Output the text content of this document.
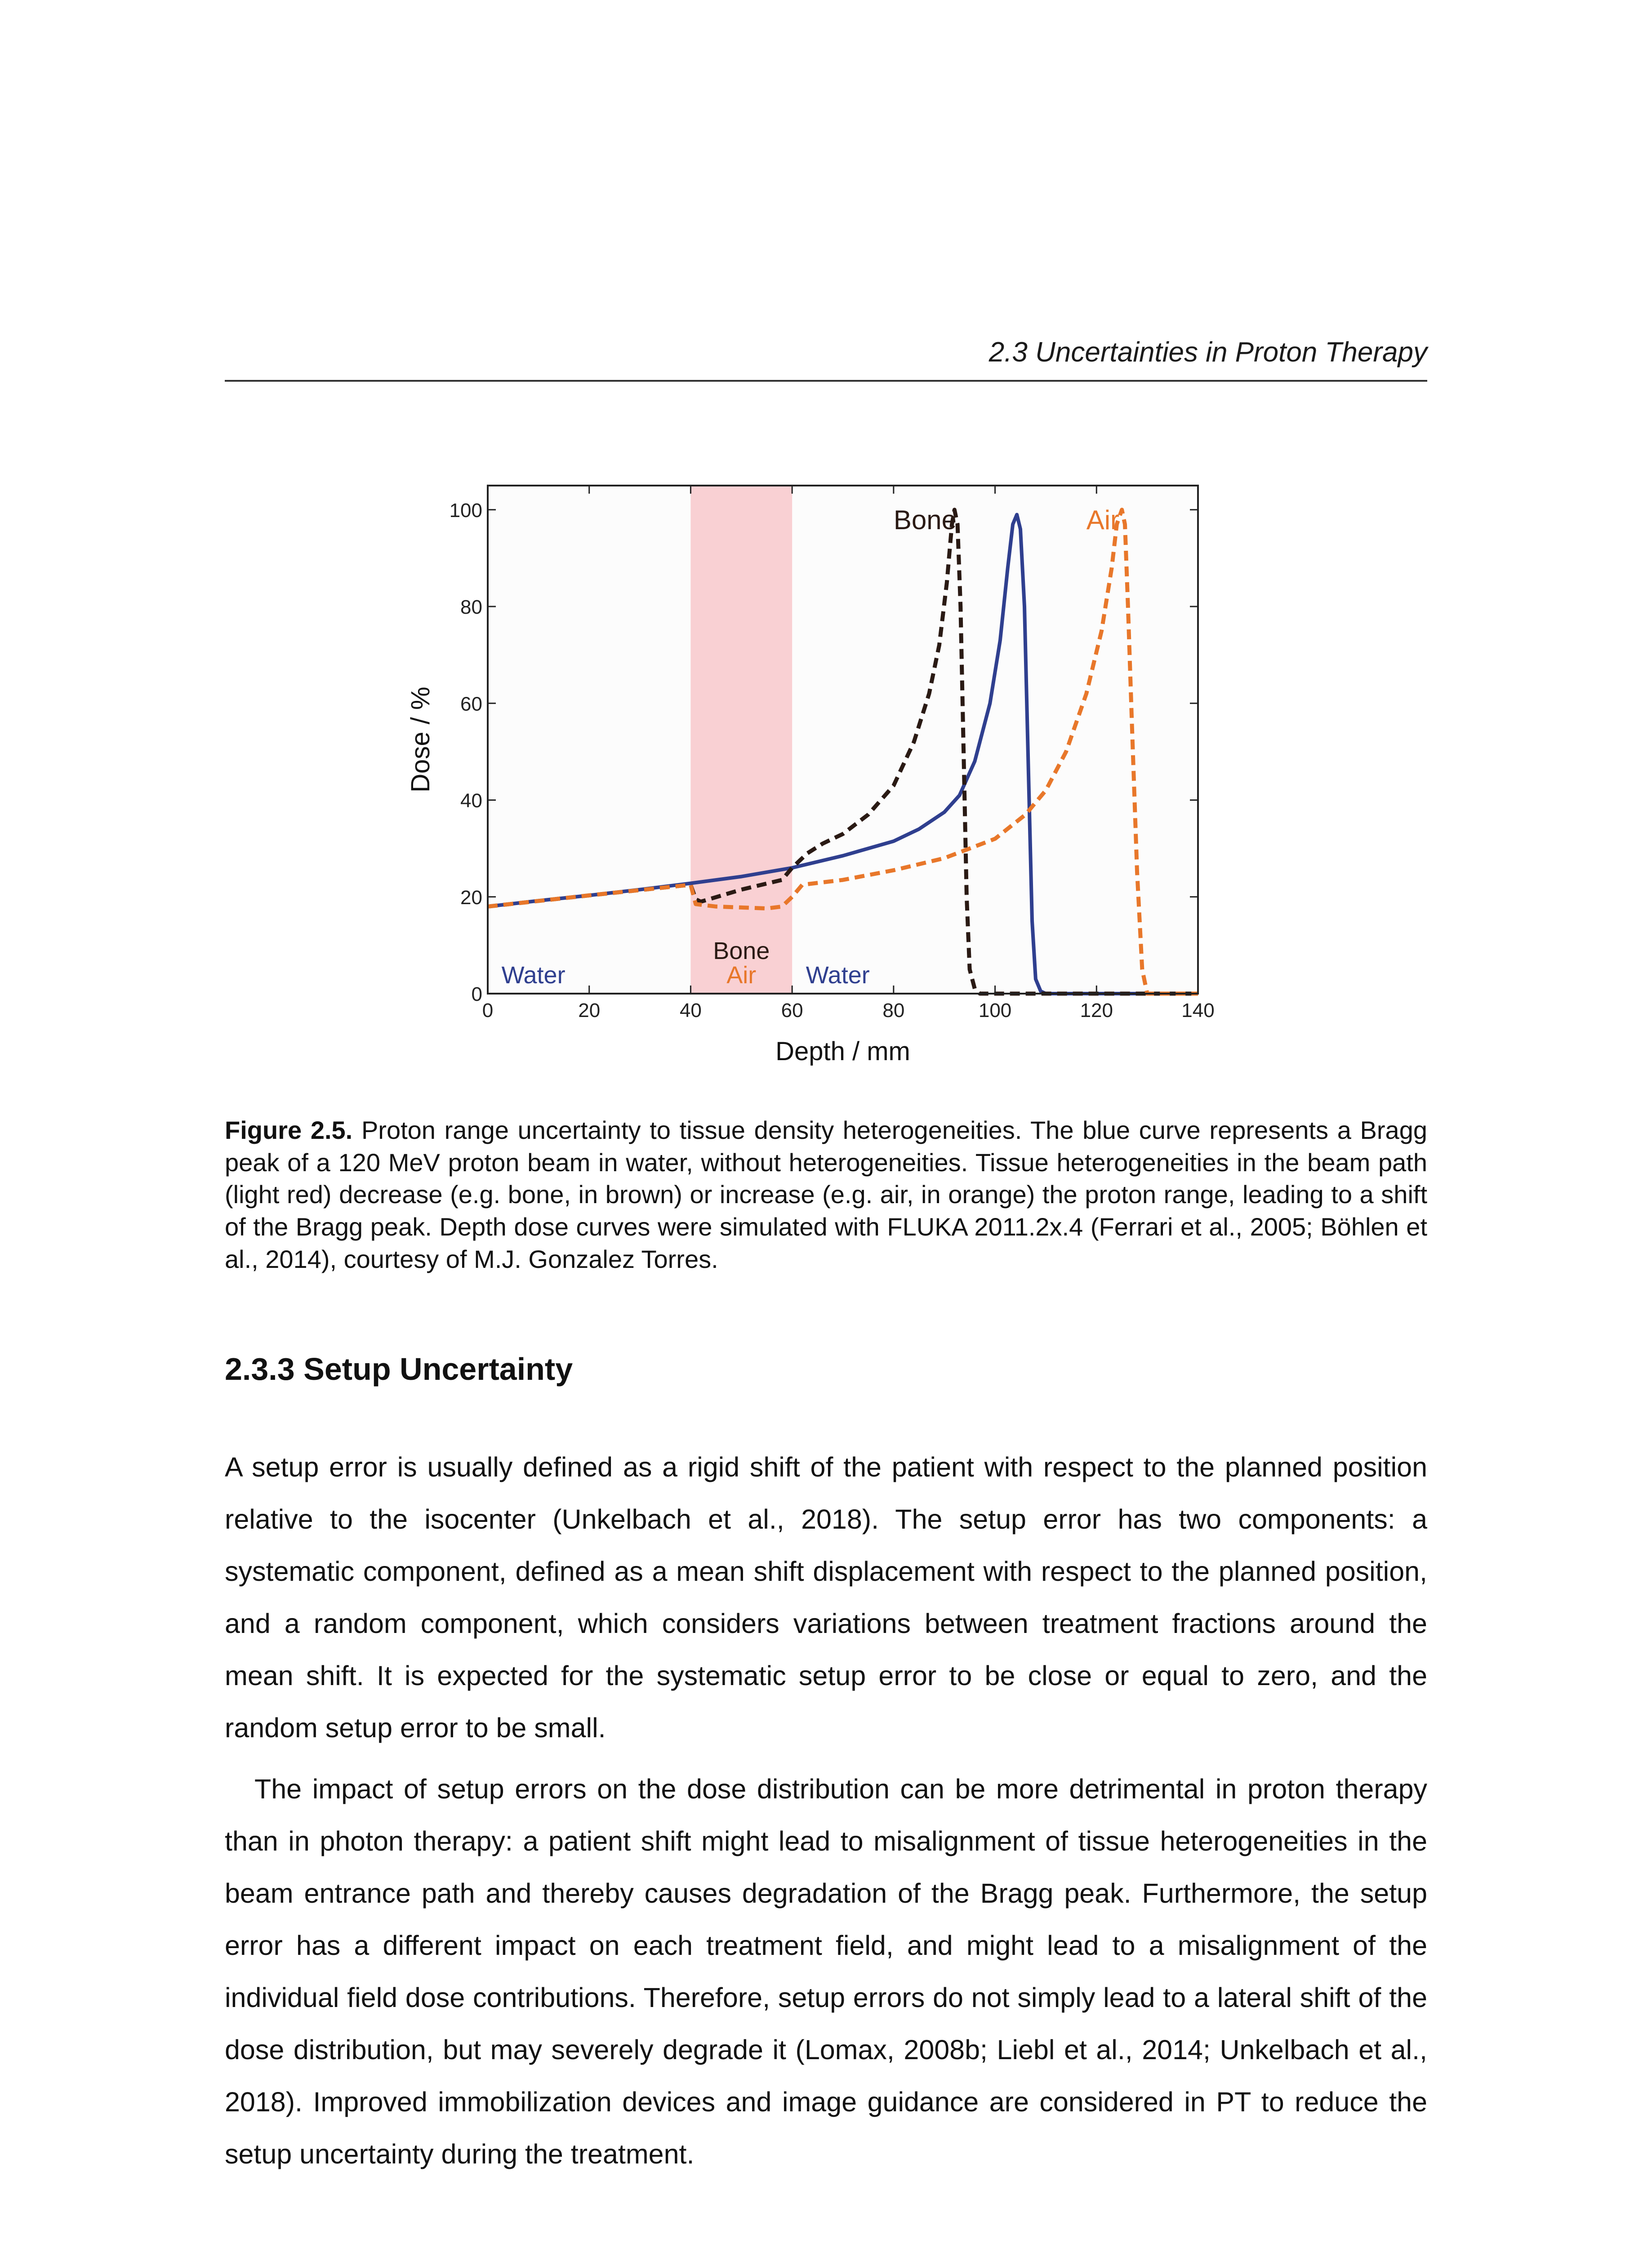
2.3 Uncertainties in Proton Therapy
Bone	Air
Water
Bone
Air Water
0	20	40	60	80	100	120	140
0
20
40
60
80
100
Depth / mm
Dose / %
Figure 2.5. Proton range uncertainty to tissue density heterogeneities. The blue curve represents a Bragg peak of a 120 MeV proton beam in water, without heterogeneities. Tissue heterogeneities in the beam path (light red) decrease (e.g. bone, in brown) or increase (e.g. air, in orange) the proton range, leading to a shift of the Bragg peak. Depth dose curves were simulated with FLUKA 2011.2x.4 (Ferrari et al., 2005; Böhlen et al., 2014), courtesy of M.J. Gonzalez Torres.
2.3.3 Setup Uncertainty

A setup error is usually defined as a rigid shift of the patient with respect to the planned position relative to the isocenter (Unkelbach et al., 2018). The setup error has two components: a systematic component, defined as a mean shift displacement with respect to the planned position, and a random component, which considers variations between treatment fractions around the mean shift. It is expected for the systematic setup error to be close or equal to zero, and the random setup error to be small.

The impact of setup errors on the dose distribution can be more detrimental in proton therapy than in photon therapy: a patient shift might lead to misalignment of tissue heterogeneities in the beam entrance path and thereby causes degradation of the Bragg peak. Furthermore, the setup error has a different impact on each treatment field, and might lead to a misalignment of the individual field dose contributions. Therefore, setup errors do not simply lead to a lateral shift of the dose distribution, but may severely degrade it (Lomax, 2008b; Liebl et al., 2014; Unkelbach et al., 2018). Improved immobilization devices and image guidance are considered in PT to reduce the setup uncertainty during the treatment.
